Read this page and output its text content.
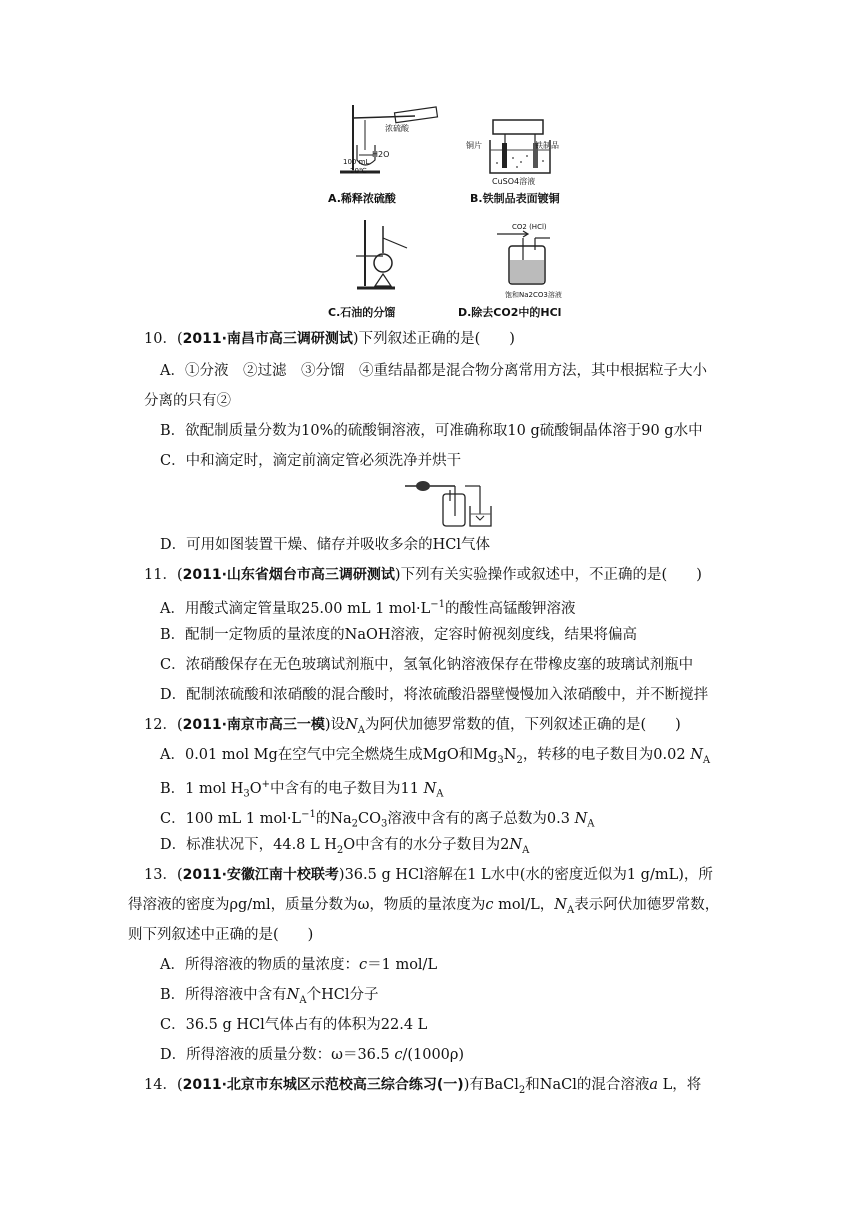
浓硫酸
H2O
100 mL
20℃
A.稀释浓硫酸
铜片	铁制品
CuSO4溶液
B.铁制品表面镀铜
C.石油的分馏
CO2 (HCl)
饱和Na2CO3溶液
D.除去CO2中的HCl
10．(2011·南昌市高三调研测试)下列叙述正确的是(　　)
A．①分液　②过滤　③分馏　④重结晶都是混合物分离常用方法，其中根据粒子大小
分离的只有②
B．欲配制质量分数为10%的硫酸铜溶液，可准确称取10 g硫酸铜晶体溶于90 g水中
C．中和滴定时，滴定前滴定管必须洗净并烘干
D．可用如图装置干燥、储存并吸收多余的HCl气体
11．(2011·山东省烟台市高三调研测试)下列有关实验操作或叙述中，不正确的是(　　)
A．用酸式滴定管量取25.00 mL 1 $mol\cdot L^{-1}$的酸性高锰酸钾溶液
B．配制一定物质的量浓度的NaOH溶液，定容时俯视刻度线，结果将偏高
C．浓硝酸保存在无色玻璃试剂瓶中，氢氧化钠溶液保存在带橡皮塞的玻璃试剂瓶中
D．配制浓硫酸和浓硝酸的混合酸时，将浓硫酸沿器壁慢慢加入浓硝酸中，并不断搅拌
12．(2011·南京市高三一模)设$N_A$为阿伏加德罗常数的值，下列叙述正确的是(　　)
A．0.01 mol Mg在空气中完全燃烧生成MgO和$Mg_3N_2$，转移的电子数目为0.02 $N_A$
B．1 mol $H_3O^+$中含有的电子数目为11 $N_A$
C．100 mL 1 $mol\cdot L^{-1}$的$Na_2CO_3$溶液中含有的离子总数为0.3 $N_A$
D．标准状况下，44.8 L $H_2O$中含有的水分子数目为$2N_A$
13．(2011·安徽江南十校联考)36.5 g HCl溶解在1 L水中(水的密度近似为1 g/mL)，所
得溶液的密度为ρg/ml，质量分数为ω，物质的量浓度为c mol/L，$N_A$表示阿伏加德罗常数，
则下列叙述中正确的是(　　)
A．所得溶液的物质的量浓度：c＝1 mol/L
B．所得溶液中含有$N_A$个HCl分子
C．36.5 g HCl气体占有的体积为22.4 L
D．所得溶液的质量分数：ω＝36.5 c/(1000ρ)
14．(2011·北京市东城区示范校高三综合练习(一))有BaCl$_2$和NaCl的混合溶液a L，将
